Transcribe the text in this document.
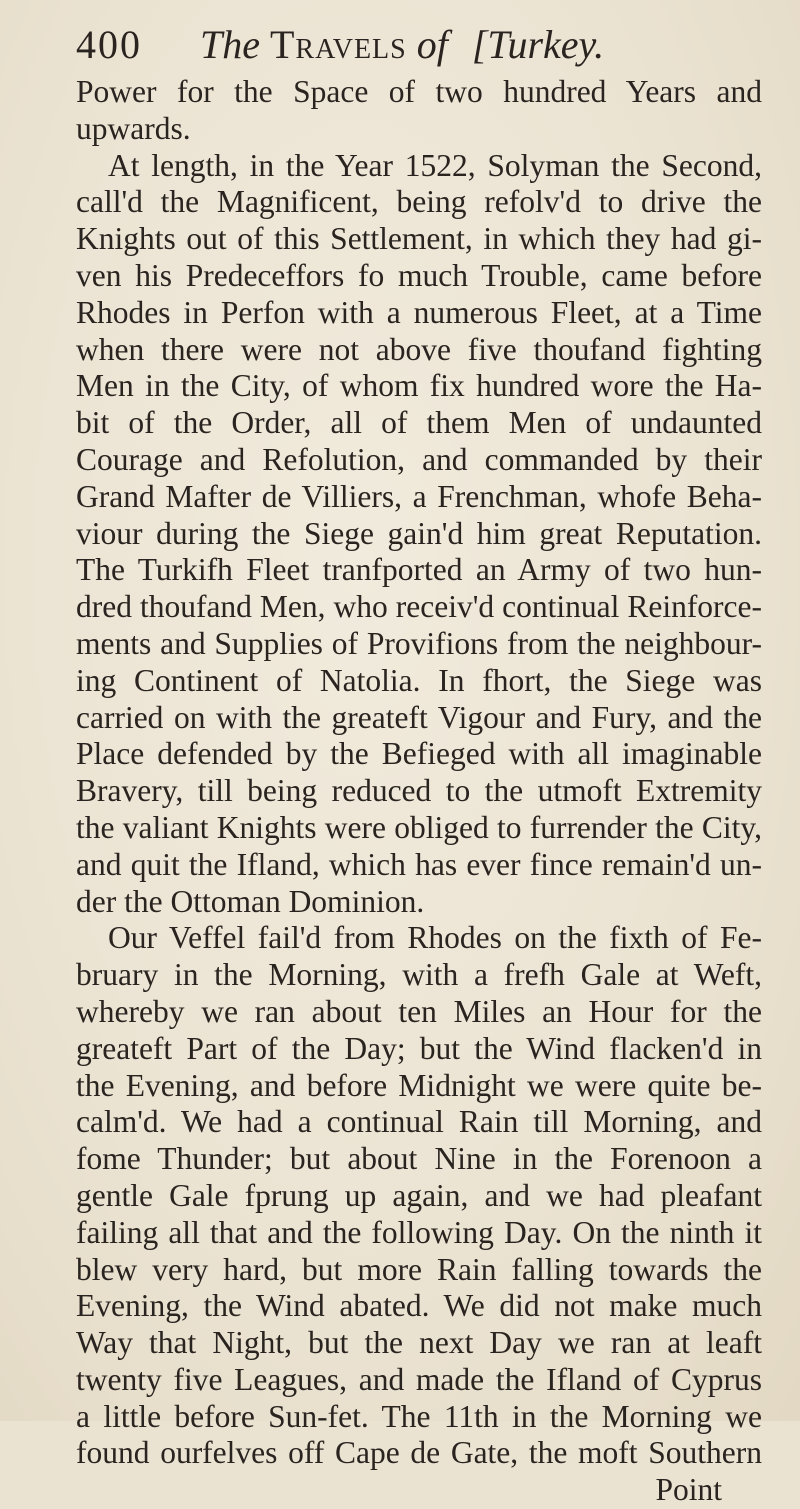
400	The Travels of [Turkey.
Power for the Space of two hundred Years and
upwards.
At length, in the Year 1522, Solyman the Second,
call'd the Magnificent, being refolv'd to drive the
Knights out of this Settlement, in which they had gi-
ven his Predeceffors fo much Trouble, came before
Rhodes in Perfon with a numerous Fleet, at a Time
when there were not above five thoufand fighting
Men in the City, of whom fix hundred wore the Ha-
bit of the Order, all of them Men of undaunted
Courage and Refolution, and commanded by their
Grand Mafter de Villiers, a Frenchman, whofe Beha-
viour during the Siege gain'd him great Reputation.
The Turkifh Fleet tranfported an Army of two hun-
dred thoufand Men, who receiv'd continual Reinforce-
ments and Supplies of Provifions from the neighbour-
ing Continent of Natolia. In fhort, the Siege was
carried on with the greateft Vigour and Fury, and the
Place defended by the Befieged with all imaginable
Bravery, till being reduced to the utmoft Extremity
the valiant Knights were obliged to furrender the City,
and quit the Ifland, which has ever fince remain'd un-
der the Ottoman Dominion.
Our Veffel fail'd from Rhodes on the fixth of Fe-
bruary in the Morning, with a frefh Gale at Weft,
whereby we ran about ten Miles an Hour for the
greateft Part of the Day; but the Wind flacken'd in
the Evening, and before Midnight we were quite be-
calm'd. We had a continual Rain till Morning, and
fome Thunder; but about Nine in the Forenoon a
gentle Gale fprung up again, and we had pleafant
failing all that and the following Day. On the ninth it
blew very hard, but more Rain falling towards the
Evening, the Wind abated. We did not make much
Way that Night, but the next Day we ran at leaft
twenty five Leagues, and made the Ifland of Cyprus
a little before Sun-fet. The 11th in the Morning we
found ourfelves off Cape de Gate, the moft Southern
Point
